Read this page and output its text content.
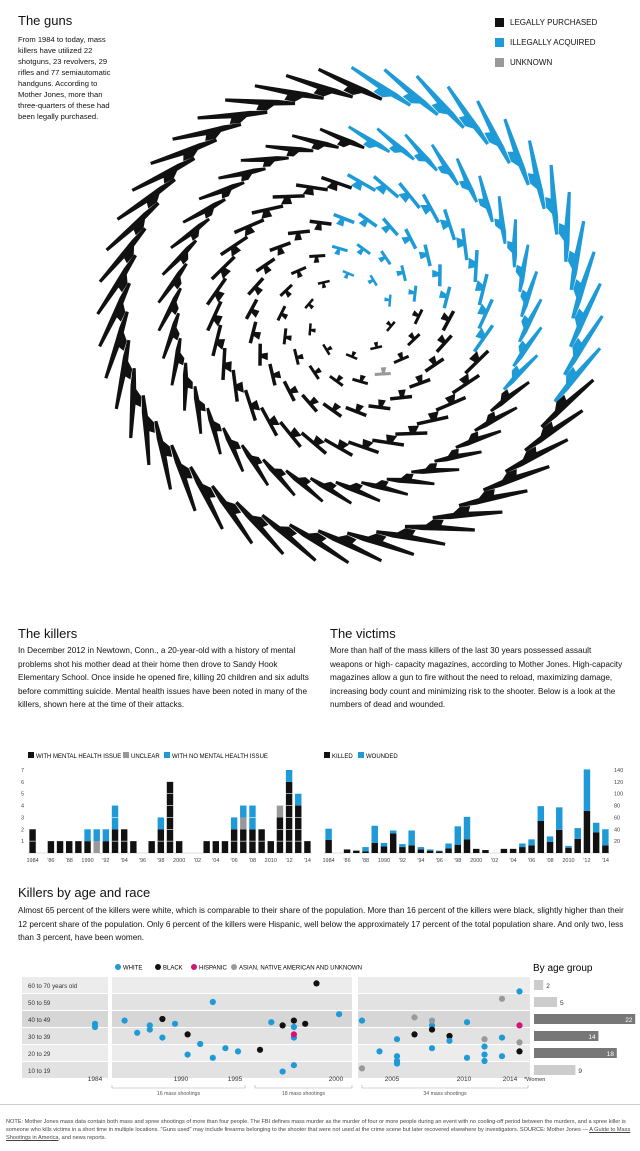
The guns
From 1984 to today, mass killers have utilized 22 shotguns, 23 revolvers, 29 rifles and 77 semiautomatic handguns. According to Mother Jones, more than three-quarters of these had been legally purchased.
LEGALLY PURCHASED
ILLEGALLY ACQUIRED
UNKNOWN
The killers
In December 2012 in Newtown, Conn., a 20-year-old with a history of mental problems shot his mother dead at their home then drove to Sandy Hook Elementary School. Once inside he opened fire, killing 20 children and six adults before committing suicide. Mental health issues have been noted in many of the killers, shown here at the time of their attacks.
The victims
More than half of the mass killers of the last 30 years possessed assault weapons or high- capacity magazines, according to Mother Jones. High-capacity magazines allow a gun to fire without the need to reload, maximizing damage, increasing body count and minimizing risk to the shooter. Below is a look at the numbers of dead and wounded.
WITH MENTAL HEALTH ISSUE UNCLEAR WITH NO MENTAL HEALTH ISSUE
1
2
3
4
5
6
7
1984 '86 '88 1990 '92 '94 '96 '98 2000 '02 '04 '06 '08 2010 '12 '14
KILLED WOUNDED
20
40
60
80
100
120
140
1984 '86 '88 1990 '92 '94 '96 '98 2000 '02 '04 '06 '08 2010 '12 '14
Killers by age and race
Almost 65 percent of the killers were white, which is comparable to their share of the population. More than 16 percent of the killers were black, slightly higher than their 12 percent share of the population. Only 6 percent of the killers were Hispanic, well below the approximately 17 percent of the total population share. And only two, less than 3 percent, have been women.
WHITE	BLACK	HISPANIC ASIAN, NATIVE AMERICAN AND UNKNOWN	By age group
60 to 70 years old	2
50 to 59	5
40 to 49	22
30 to 39	14
20 to 29	18
10 to 19	9
1984	1990	1995	2000	2005	2010	2014 *Women
16 mass shootings	18 mass shootings	34 mass shootings
NOTE: Mother Jones mass data contain both mass and spree shootings of more than four people. The FBI defines mass murder as the murder of four or more people during an event with no cooling-off period between the murders, and a spree killer is someone who kills victims in a short time in multiple locations. "Guns used" may include firearms belonging to the shooter that were not used at the crime scene but later recovered elsewhere by investigators. SOURCE: Mother Jones — A Guide to Mass Shootings in America, and news reports.
